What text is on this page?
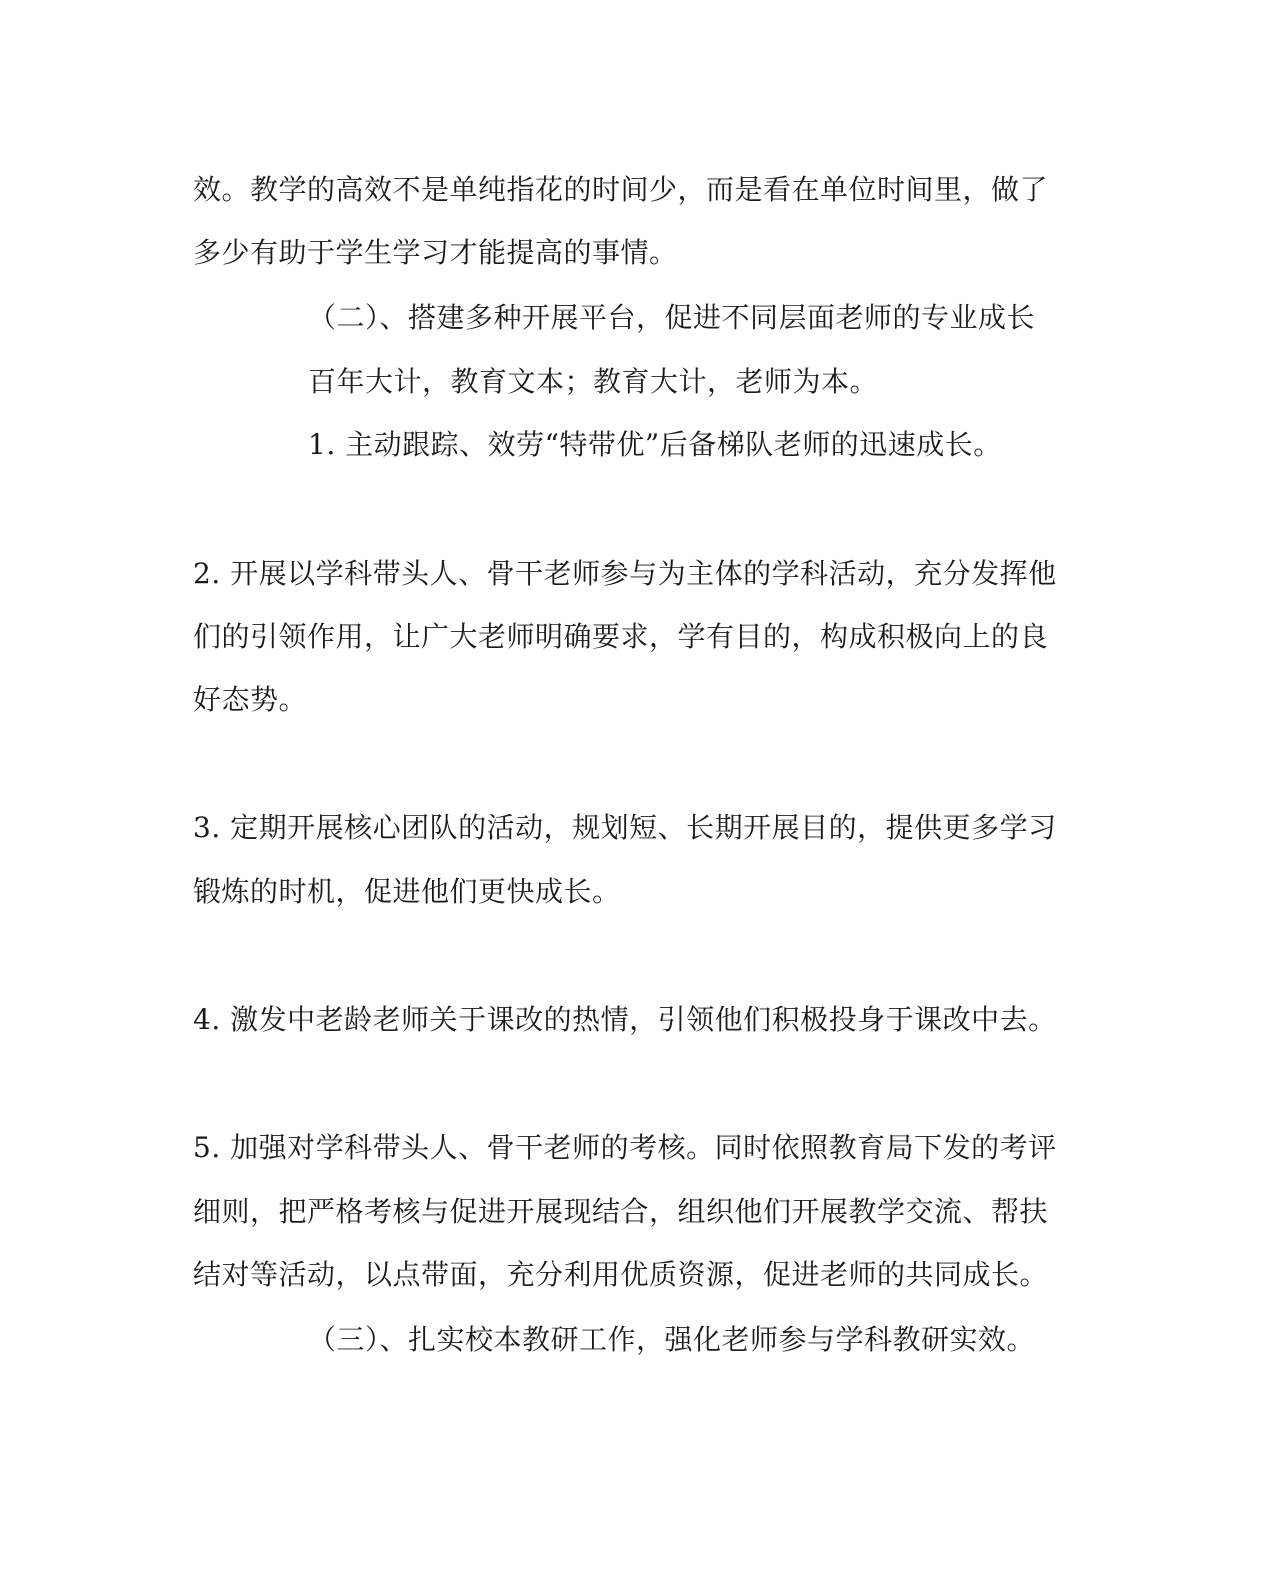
效。教学的高效不是单纯指花的时间少，而是看在单位时间里，做了
多少有助于学生学习才能提高的事情。
（二）、搭建多种开展平台，促进不同层面老师的专业成长
百年大计，教育文本；教育大计，老师为本。
1. 主动跟踪、效劳“特带优”后备梯队老师的迅速成长。
2. 开展以学科带头人、骨干老师参与为主体的学科活动，充分发挥他
们的引领作用，让广大老师明确要求，学有目的，构成积极向上的良
好态势。
3. 定期开展核心团队的活动，规划短、长期开展目的，提供更多学习
锻炼的时机，促进他们更快成长。
4. 激发中老龄老师关于课改的热情，引领他们积极投身于课改中去。
5. 加强对学科带头人、骨干老师的考核。同时依照教育局下发的考评
细则，把严格考核与促进开展现结合，组织他们开展教学交流、帮扶
结对等活动，以点带面，充分利用优质资源，促进老师的共同成长。
（三）、扎实校本教研工作，强化老师参与学科教研实效。
